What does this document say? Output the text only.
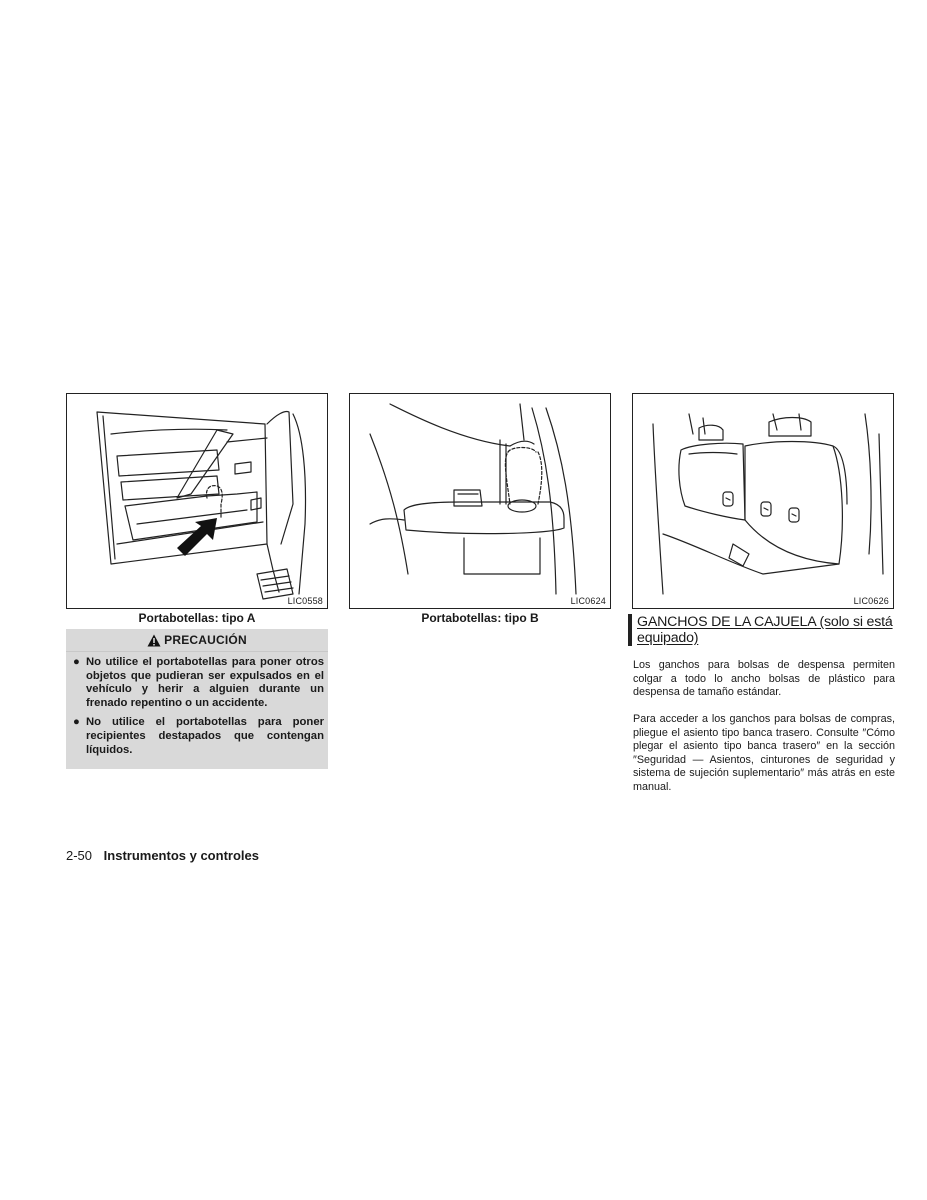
LIC0558
Portabotellas: tipo A
LIC0624
Portabotellas: tipo B
LIC0626
PRECAUCIÓN
● No utilice el portabotellas para poner otros objetos que pudieran ser expulsados en el vehículo y herir a alguien durante un frenado repentino o un accidente.
● No utilice el portabotellas para poner recipientes destapados que contengan líquidos.
GANCHOS DE LA CAJUELA (solo si está equipado)
Los ganchos para bolsas de despensa permiten colgar a todo lo ancho bolsas de plástico para despensa de tamaño estándar.
Para acceder a los ganchos para bolsas de compras, pliegue el asiento tipo banca trasero. Consulte ″Cómo plegar el asiento tipo banca trasero″ en la sección ″Seguridad — Asientos, cinturones de seguridad y sistema de sujeción suplementario″ más atrás en este manual.
2-50 Instrumentos y controles
